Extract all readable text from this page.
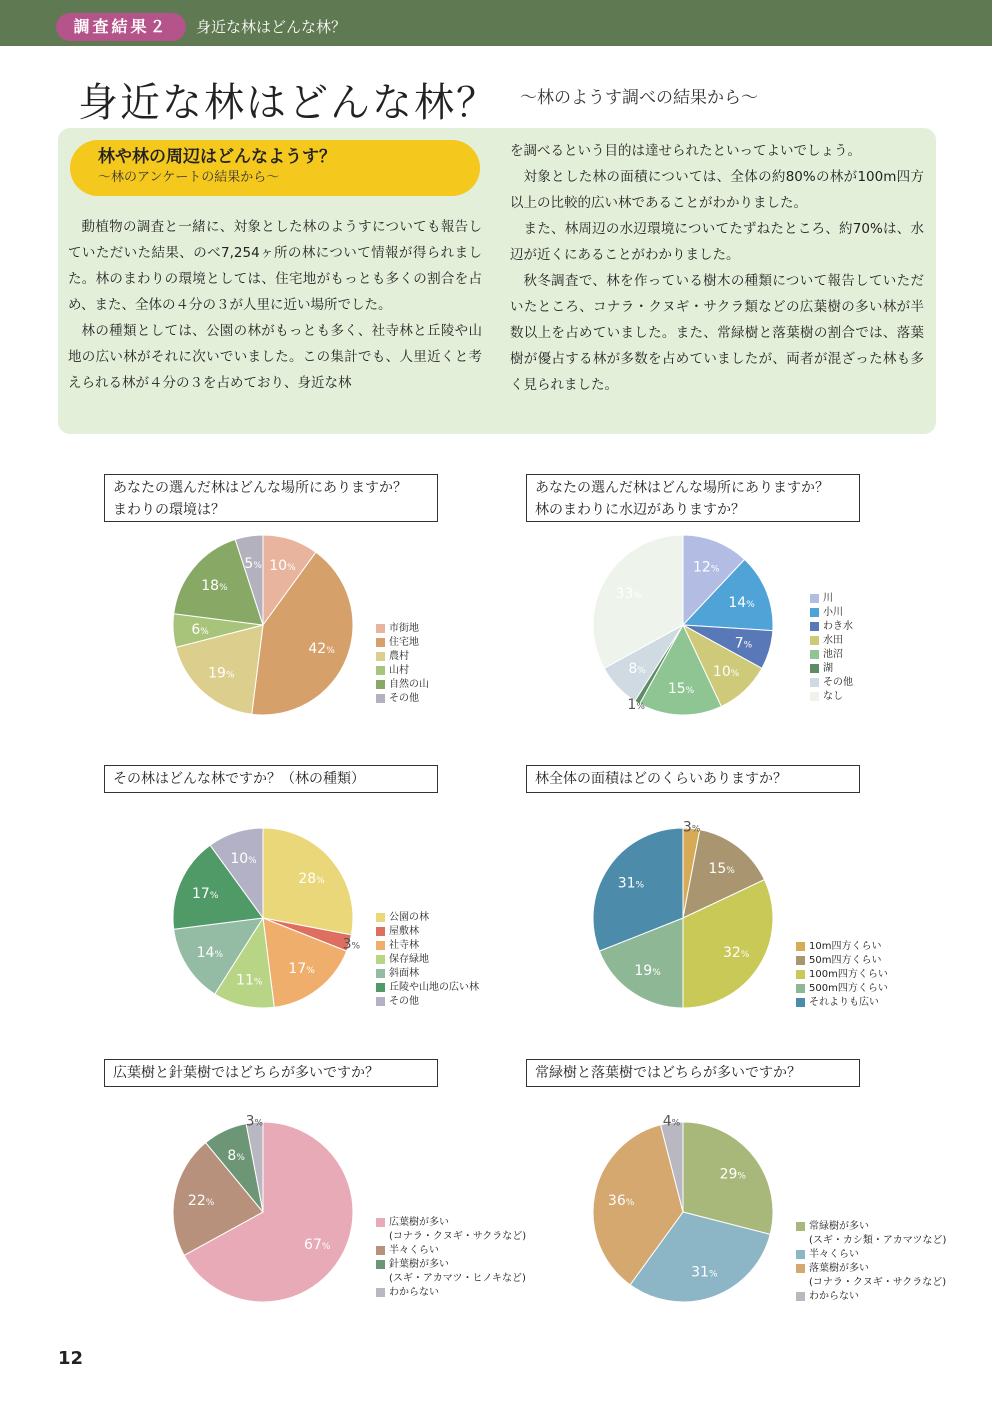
調査結果２	身近な林はどんな林？
身近な林はどんな林？ ～林のようす調べの結果から～
林や林の周辺はどんなようす？
～林のアンケートの結果から～

動植物の調査と一緒に、対象とした林のようすについても報告していただいた結果、のべ7,254ヶ所の林について情報が得られました。林のまわりの環境としては、住宅地がもっとも多くの割合を占め、また、全体の４分の３が人里に近い場所でした。

林の種類としては、公園の林がもっとも多く、社寺林と丘陵や山地の広い林がそれに次いでいました。この集計でも、人里近くと考えられる林が４分の３を占めており、身近な林

を調べるという目的は達せられたといってよいでしょう。

対象とした林の面積については、全体の約80%の林が100m四方以上の比較的広い林であることがわかりました。

また、林周辺の水辺環境についてたずねたところ、約70%は、水辺が近くにあることがわかりました。

秋冬調査で、林を作っている樹木の種類について報告していただいたところ、コナラ・クヌギ・サクラ類などの広葉樹の多い林が半数以上を占めていました。また、常緑樹と落葉樹の割合では、落葉樹が優占する林が多数を占めていましたが、両者が混ざった林も多く見られました。

あなたの選んだ林はどんな場所にありますか？
まわりの環境は？
10%
42%
19%
6%
18%
5%
市街地
住宅地
農村
山村
自然の山
その他
あなたの選んだ林はどんな場所にありますか？
林のまわりに水辺がありますか？
12%
14%
7%
10%
15%
1%
8%
33%	川
小川
わき水
水田
池沼
湖
その他
なし
その林はどんな林ですか？（林の種類）
28%
3%
17%
11%
14%
17%
10%
公園の林
屋敷林
社寺林
保存緑地
斜面林
丘陵や山地の広い林
その他
林全体の面積はどのくらいありますか？
3%
15%
32%
19%
31%
10m四方くらい
50m四方くらい
100m四方くらい
500m四方くらい
それよりも広い
広葉樹と針葉樹ではどちらが多いですか？
67%
22%
8%
3%
広葉樹が多い
(コナラ・クヌギ・サクラなど)
半々くらい
針葉樹が多い
(スギ・アカマツ・ヒノキなど)
わからない
常緑樹と落葉樹ではどちらが多いですか？
29%
31%
36%
4%
常緑樹が多い
(スギ・カシ類・アカマツなど)
半々くらい
落葉樹が多い
(コナラ・クヌギ・サクラなど)
わからない
12
